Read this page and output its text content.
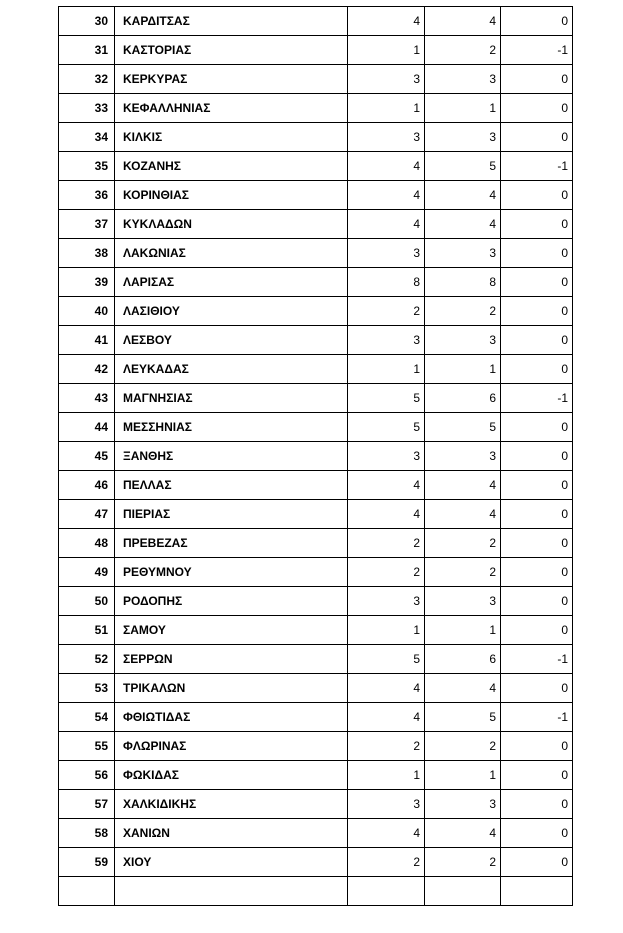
30	ΚΑΡΔΙΤΣΑΣ	4	4	0
31	ΚΑΣΤΟΡΙΑΣ	1	2	-1
32	ΚΕΡΚΥΡΑΣ	3	3	0
33	ΚΕΦΑΛΛΗΝΙΑΣ	1	1	0
34	ΚΙΛΚΙΣ	3	3	0
35	ΚΟΖΑΝΗΣ	4	5	-1
36	ΚΟΡΙΝΘΙΑΣ	4	4	0
37	ΚΥΚΛΑΔΩΝ	4	4	0
38	ΛΑΚΩΝΙΑΣ	3	3	0
39	ΛΑΡΙΣΑΣ	8	8	0
40	ΛΑΣΙΘΙΟΥ	2	2	0
41	ΛΕΣΒΟΥ	3	3	0
42	ΛΕΥΚΑΔΑΣ	1	1	0
43	ΜΑΓΝΗΣΙΑΣ	5	6	-1
44	ΜΕΣΣΗΝΙΑΣ	5	5	0
45	ΞΑΝΘΗΣ	3	3	0
46	ΠΕΛΛΑΣ	4	4	0
47	ΠΙΕΡΙΑΣ	4	4	0
48	ΠΡΕΒΕΖΑΣ	2	2	0
49	ΡΕΘΥΜΝΟΥ	2	2	0
50	ΡΟΔΟΠΗΣ	3	3	0
51	ΣΑΜΟΥ	1	1	0
52	ΣΕΡΡΩΝ	5	6	-1
53	ΤΡΙΚΑΛΩΝ	4	4	0
54	ΦΘΙΩΤΙΔΑΣ	4	5	-1
55	ΦΛΩΡΙΝΑΣ	2	2	0
56	ΦΩΚΙΔΑΣ	1	1	0
57	ΧΑΛΚΙΔΙΚΗΣ	3	3	0
58	ΧΑΝΙΩΝ	4	4	0
59	ΧΙΟΥ	2	2	0
